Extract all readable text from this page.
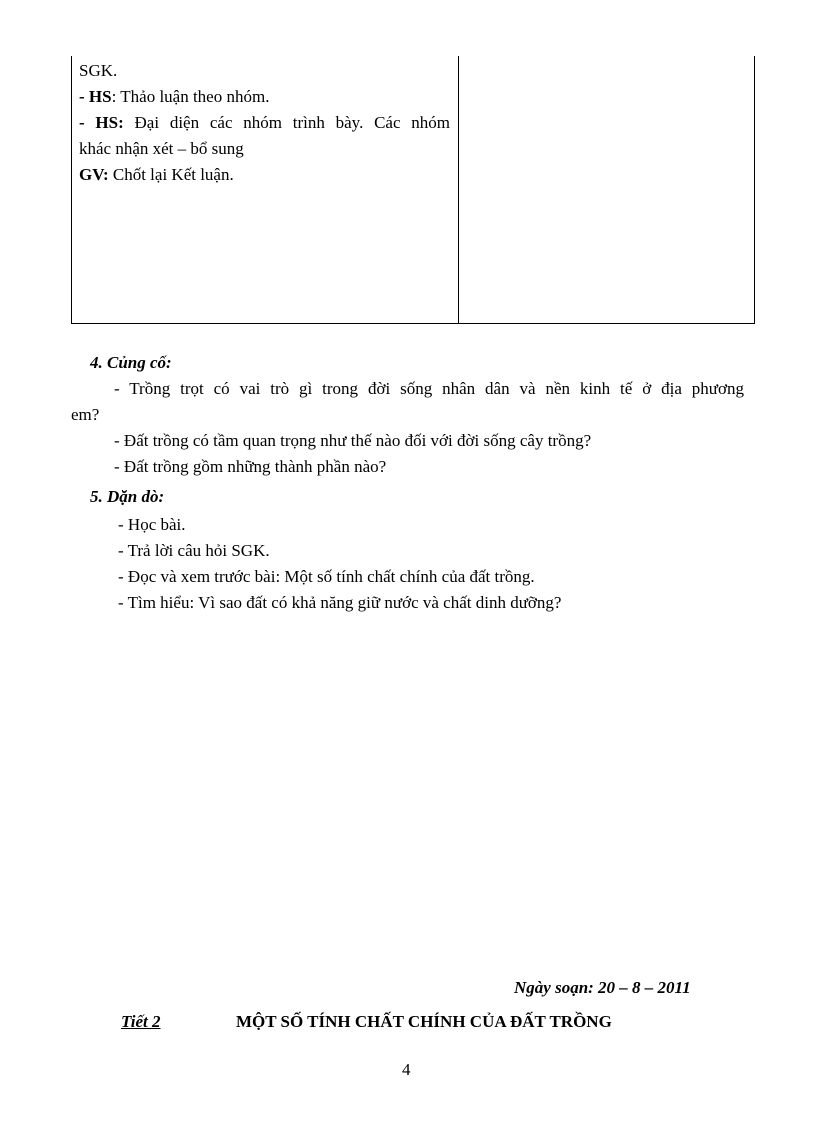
SGK.
- HS: Thảo luận theo nhóm.
- HS: Đại diện các nhóm trình bày. Các nhóm
khác nhận xét – bổ sung
GV: Chốt lại Kết luận.
4. Củng cố:
- Trồng trọt có vai trò gì trong đời sống nhân dân và nền kinh tế ở địa phương
em?
- Đất trồng có tầm quan trọng như thế nào đối với đời sống cây trồng?
- Đất trồng gồm những thành phần nào?
5. Dặn dò:
- Học bài.
- Trả lời câu hỏi SGK.
- Đọc và xem trước bài: Một số tính chất chính của đất trồng.
- Tìm hiểu: Vì sao đất có khả năng giữ nước và chất dinh dưỡng?
Ngày soạn: 20 – 8 – 2011
Tiết 2	MỘT SỐ TÍNH CHẤT CHÍNH CỦA ĐẤT TRỒNG
4
